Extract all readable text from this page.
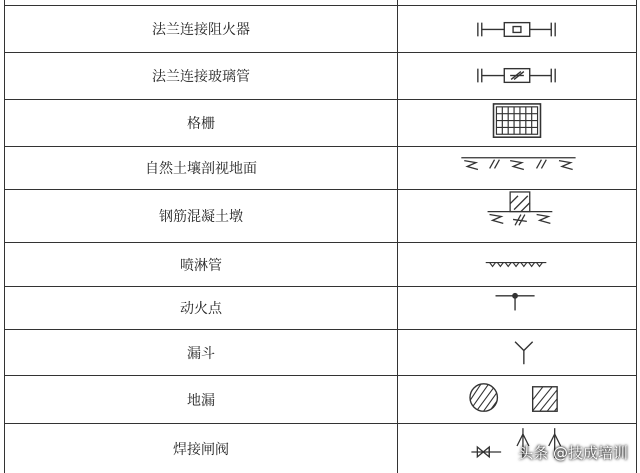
法兰连接阻火器
法兰连接玻璃管
格栅
自然土壤剖视地面
钢筋混凝土墩
喷淋管
动火点
漏斗
地漏
焊接闸阀	头条 @技成培训
